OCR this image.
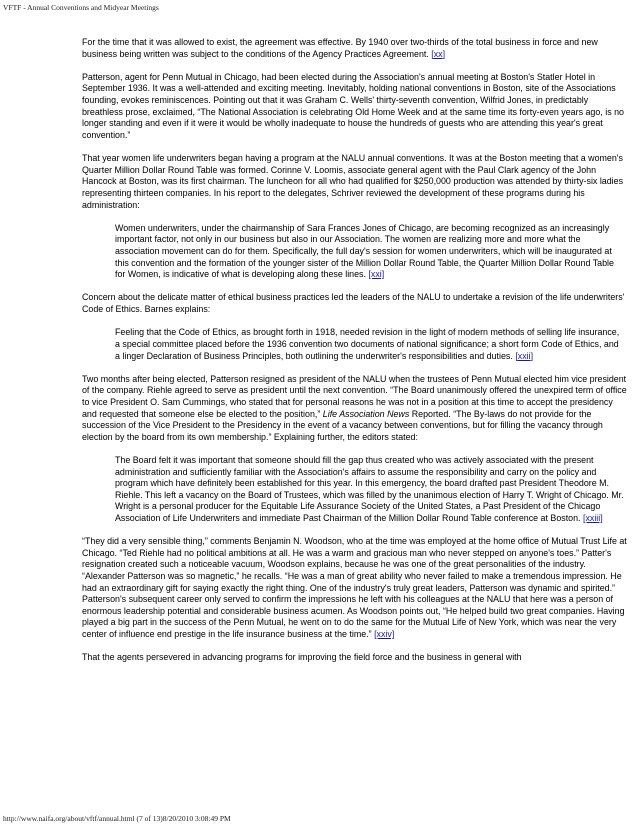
VFTF - Annual Conventions and Midyear Meetings

For the time that it was allowed to exist, the agreement was effective. By 1940 over two-thirds of the total business in force and new business being written was subject to the conditions of the Agency Practices Agreement. [xx]

Patterson, agent for Penn Mutual in Chicago, had been elected during the Association's annual meeting at Boston's Statler Hotel in September 1936. It was a well-attended and exciting meeting. Inevitably, holding national conventions in Boston, site of the Associations founding, evokes reminiscences. Pointing out that it was Graham C. Wells' thirty-seventh convention, Wilfrid Jones, in predictably breathless prose, exclaimed, “The National Association is celebrating Old Home Week and at the same time its forty-even years ago, is no longer standing and even if it were it would be wholly inadequate to house the hundreds of guests who are attending this year's great convention.”

That year women life underwriters began having a program at the NALU annual conventions. It was at the Boston meeting that a women's Quarter Million Dollar Round Table was formed. Corinne V. Loomis, associate general agent with the Paul Clark agency of the John Hancock at Boston, was its first chairman. The luncheon for all who had qualified for $250,000 production was attended by thirty-six ladies representing thirteen companies. In his report to the delegates, Schriver reviewed the development of these programs during his administration:

Women underwriters, under the chairmanship of Sara Frances Jones of Chicago, are becoming recognized as an increasingly important factor, not only in our business but also in our Association. The women are realizing more and more what the association movement can do for them. Specifically, the full day's session for women underwriters, which will be inaugurated at this convention and the formation of the younger sister of the Million Dollar Round Table, the Quarter Million Dollar Round Table for Women, is indicative of what is developing along these lines. [xxi]

Concern about the delicate matter of ethical business practices led the leaders of the NALU to undertake a revision of the life underwriters' Code of Ethics. Barnes explains:

Feeling that the Code of Ethics, as brought forth in 1918, needed revision in the light of modern methods of selling life insurance, a special committee placed before the 1936 convention two documents of national significance; a short form Code of Ethics, and a linger Declaration of Business Principles, both outlining the underwriter's responsibilities and duties. [xxii]

Two months after being elected, Patterson resigned as president of the NALU when the trustees of Penn Mutual elected him vice president of the company. Riehle agreed to serve as president until the next convention. “The Board unanimously offered the unexpired term of office to vice President O. Sam Cummings, who stated that for personal reasons he was not in a position at this time to accept the presidency and requested that someone else be elected to the position,” Life Association News Reported. “The By-laws do not provide for the succession of the Vice President to the Presidency in the event of a vacancy between conventions, but for filling the vacancy through election by the board from its own membership.” Explaining further, the editors stated:

The Board felt it was important that someone should fill the gap thus created who was actively associated with the present administration and sufficiently familiar with the Association's affairs to assume the responsibility and carry on the policy and program which have definitely been established for this year. In this emergency, the board drafted past President Theodore M. Riehle. This left a vacancy on the Board of Trustees, which was filled by the unanimous election of Harry T. Wright of Chicago. Mr. Wright is a personal producer for the Equitable Life Assurance Society of the United States, a Past President of the Chicago Association of Life Underwriters and immediate Past Chairman of the Million Dollar Round Table conference at Boston. [xxiii]

“They did a very sensible thing,” comments Benjamin N. Woodson, who at the time was employed at the home office of Mutual Trust Life at Chicago. “Ted Riehle had no political ambitions at all. He was a warm and gracious man who never stepped on anyone's toes.” Patter's resignation created such a noticeable vacuum, Woodson explains, because he was one of the great personalities of the industry. “Alexander Patterson was so magnetic,” he recalls. “He was a man of great ability who never failed to make a tremendous impression. He had an extraordinary gift for saying exactly the right thing. One of the industry's truly great leaders, Patterson was dynamic and spirited.” Patterson's subsequent career only served to confirm the impressions he left with his colleagues at the NALU that here was a person of enormous leadership potential and considerable business acumen. As Woodson points out, “He helped build two great companies. Having played a big part in the success of the Penn Mutual, he went on to do the same for the Mutual Life of New York, which was near the very center of influence end prestige in the life insurance business at the time.” [xxiv]

That the agents persevered in advancing programs for improving the field force and the business in general with

http://www.naifa.org/about/vftf/annual.html (7 of 13)8/20/2010 3:08:49 PM
